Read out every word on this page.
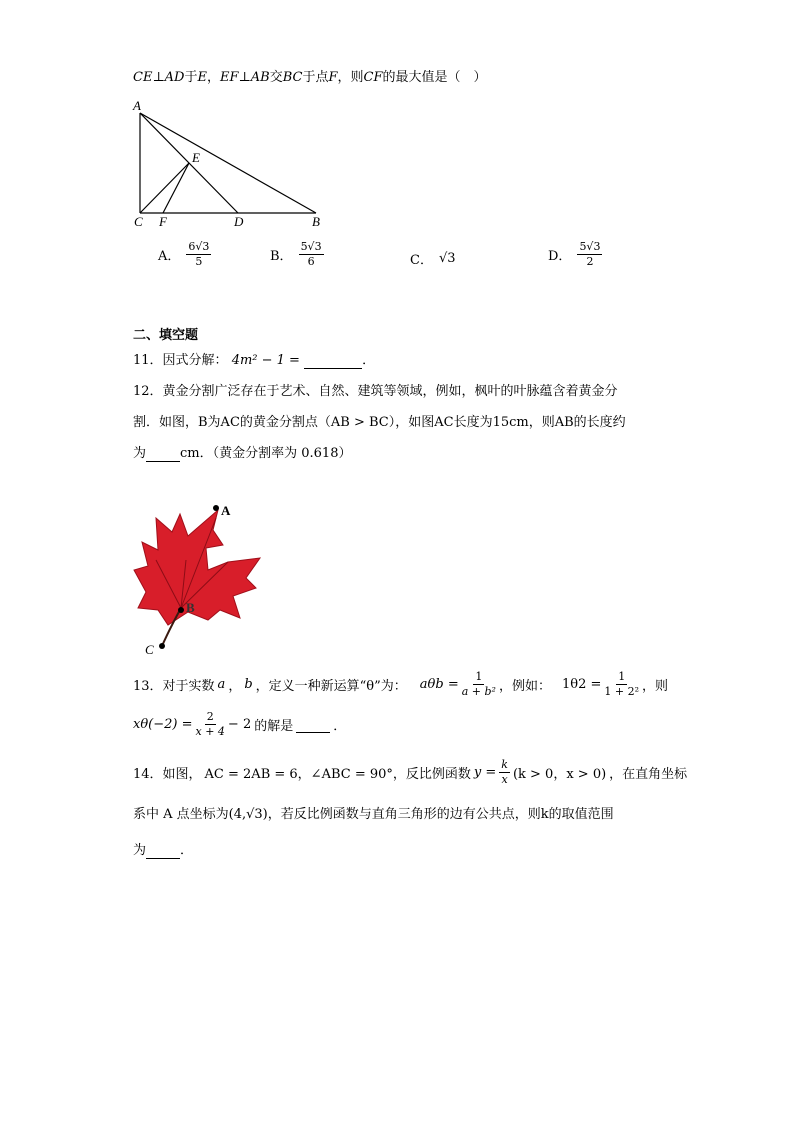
CE⊥AD于E，EF⊥AB交BC于点F，则CF的最大值是（　）
A
E
C F	D	B
A． $\frac{6√3}{5}$	B． $\frac{5√3}{6}$	C． √3	D． $\frac{5√3}{2}$
二、填空题
11．因式分解： 4m² − 1 =	．
12．黄金分割广泛存在于艺术、自然、建筑等领域，例如，枫叶的叶脉蕴含着黄金分
割．如图，B为AC的黄金分割点（AB > BC），如图AC长度为15cm，则AB的长度约
为	cm．（黄金分割率为 0.618）
A
B
C
13．对于实数 a ， b ，定义一种新运算“θ”为： $a\theta b = \frac{1}{\text{a + b²}}$ ，例如： $1\theta 2 = \frac{1}{\text{1 + 2²}}$ ，则
$x\theta(-2) = \frac{2}{x + 4} - 2$ 的解是
	．
14．如图， AC = 2AB = 6，∠ABC = 90°，反比例函数 $y = \frac{k}{x} (k > 0$，x > 0) ，在直角坐标
系中 A 点坐标为(4,√3)，若反比例函数与直角三角形的边有公共点，则k的取值范围
为	．
